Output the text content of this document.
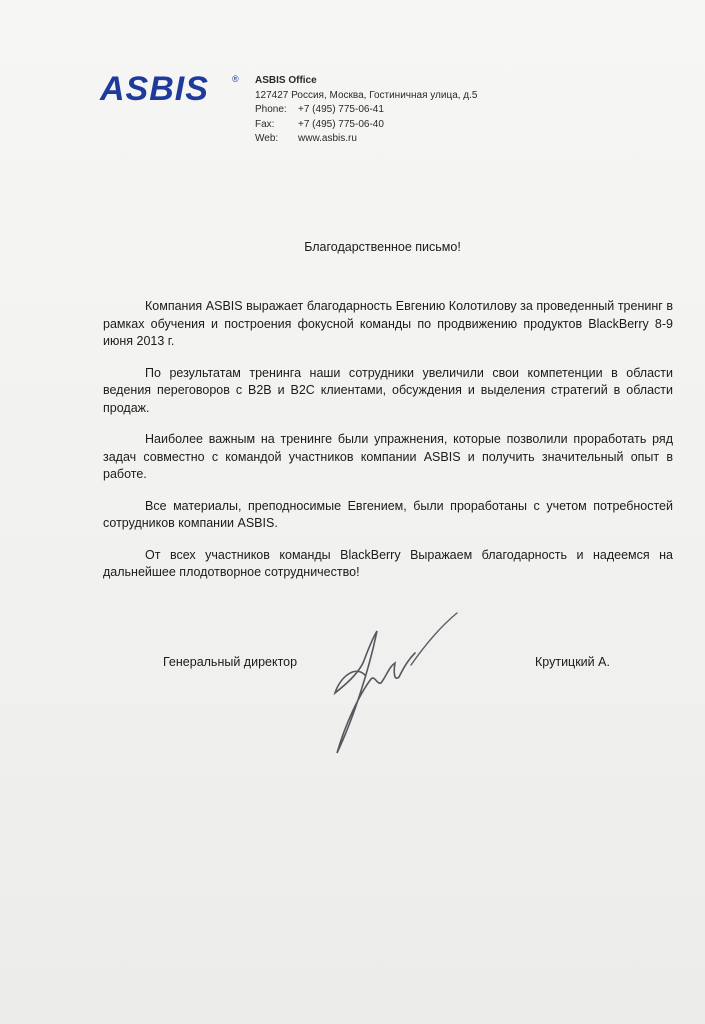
ASBIS	® ASBIS Office
127427 Россия, Москва, Гостиничная улица, д.5
Phone:	+7 (495) 775-06-41
Fax:	+7 (495) 775-06-40
Web:	www.asbis.ru
Благодарственное письмо!

Компания ASBIS выражает благодарность Евгению Колотилову за проведенный тренинг в рамках обучения и построения фокусной команды по продвижению продуктов BlackBerry 8-9 июня 2013 г.

По результатам тренинга наши сотрудники увеличили свои компетенции в области ведения переговоров с B2B и B2C клиентами, обсуждения и выделения стратегий в области продаж.

Наиболее важным на тренинге были упражнения, которые позволили проработать ряд задач совместно с командой участников компании ASBIS и получить значительный опыт в работе.

Все материалы, преподносимые Евгением, были проработаны с учетом потребностей сотрудников компании ASBIS.

От всех участников команды BlackBerry Выражаем благодарность и надеемся на дальнейшее плодотворное сотрудничество!

Генеральный директор	Крутицкий А.
